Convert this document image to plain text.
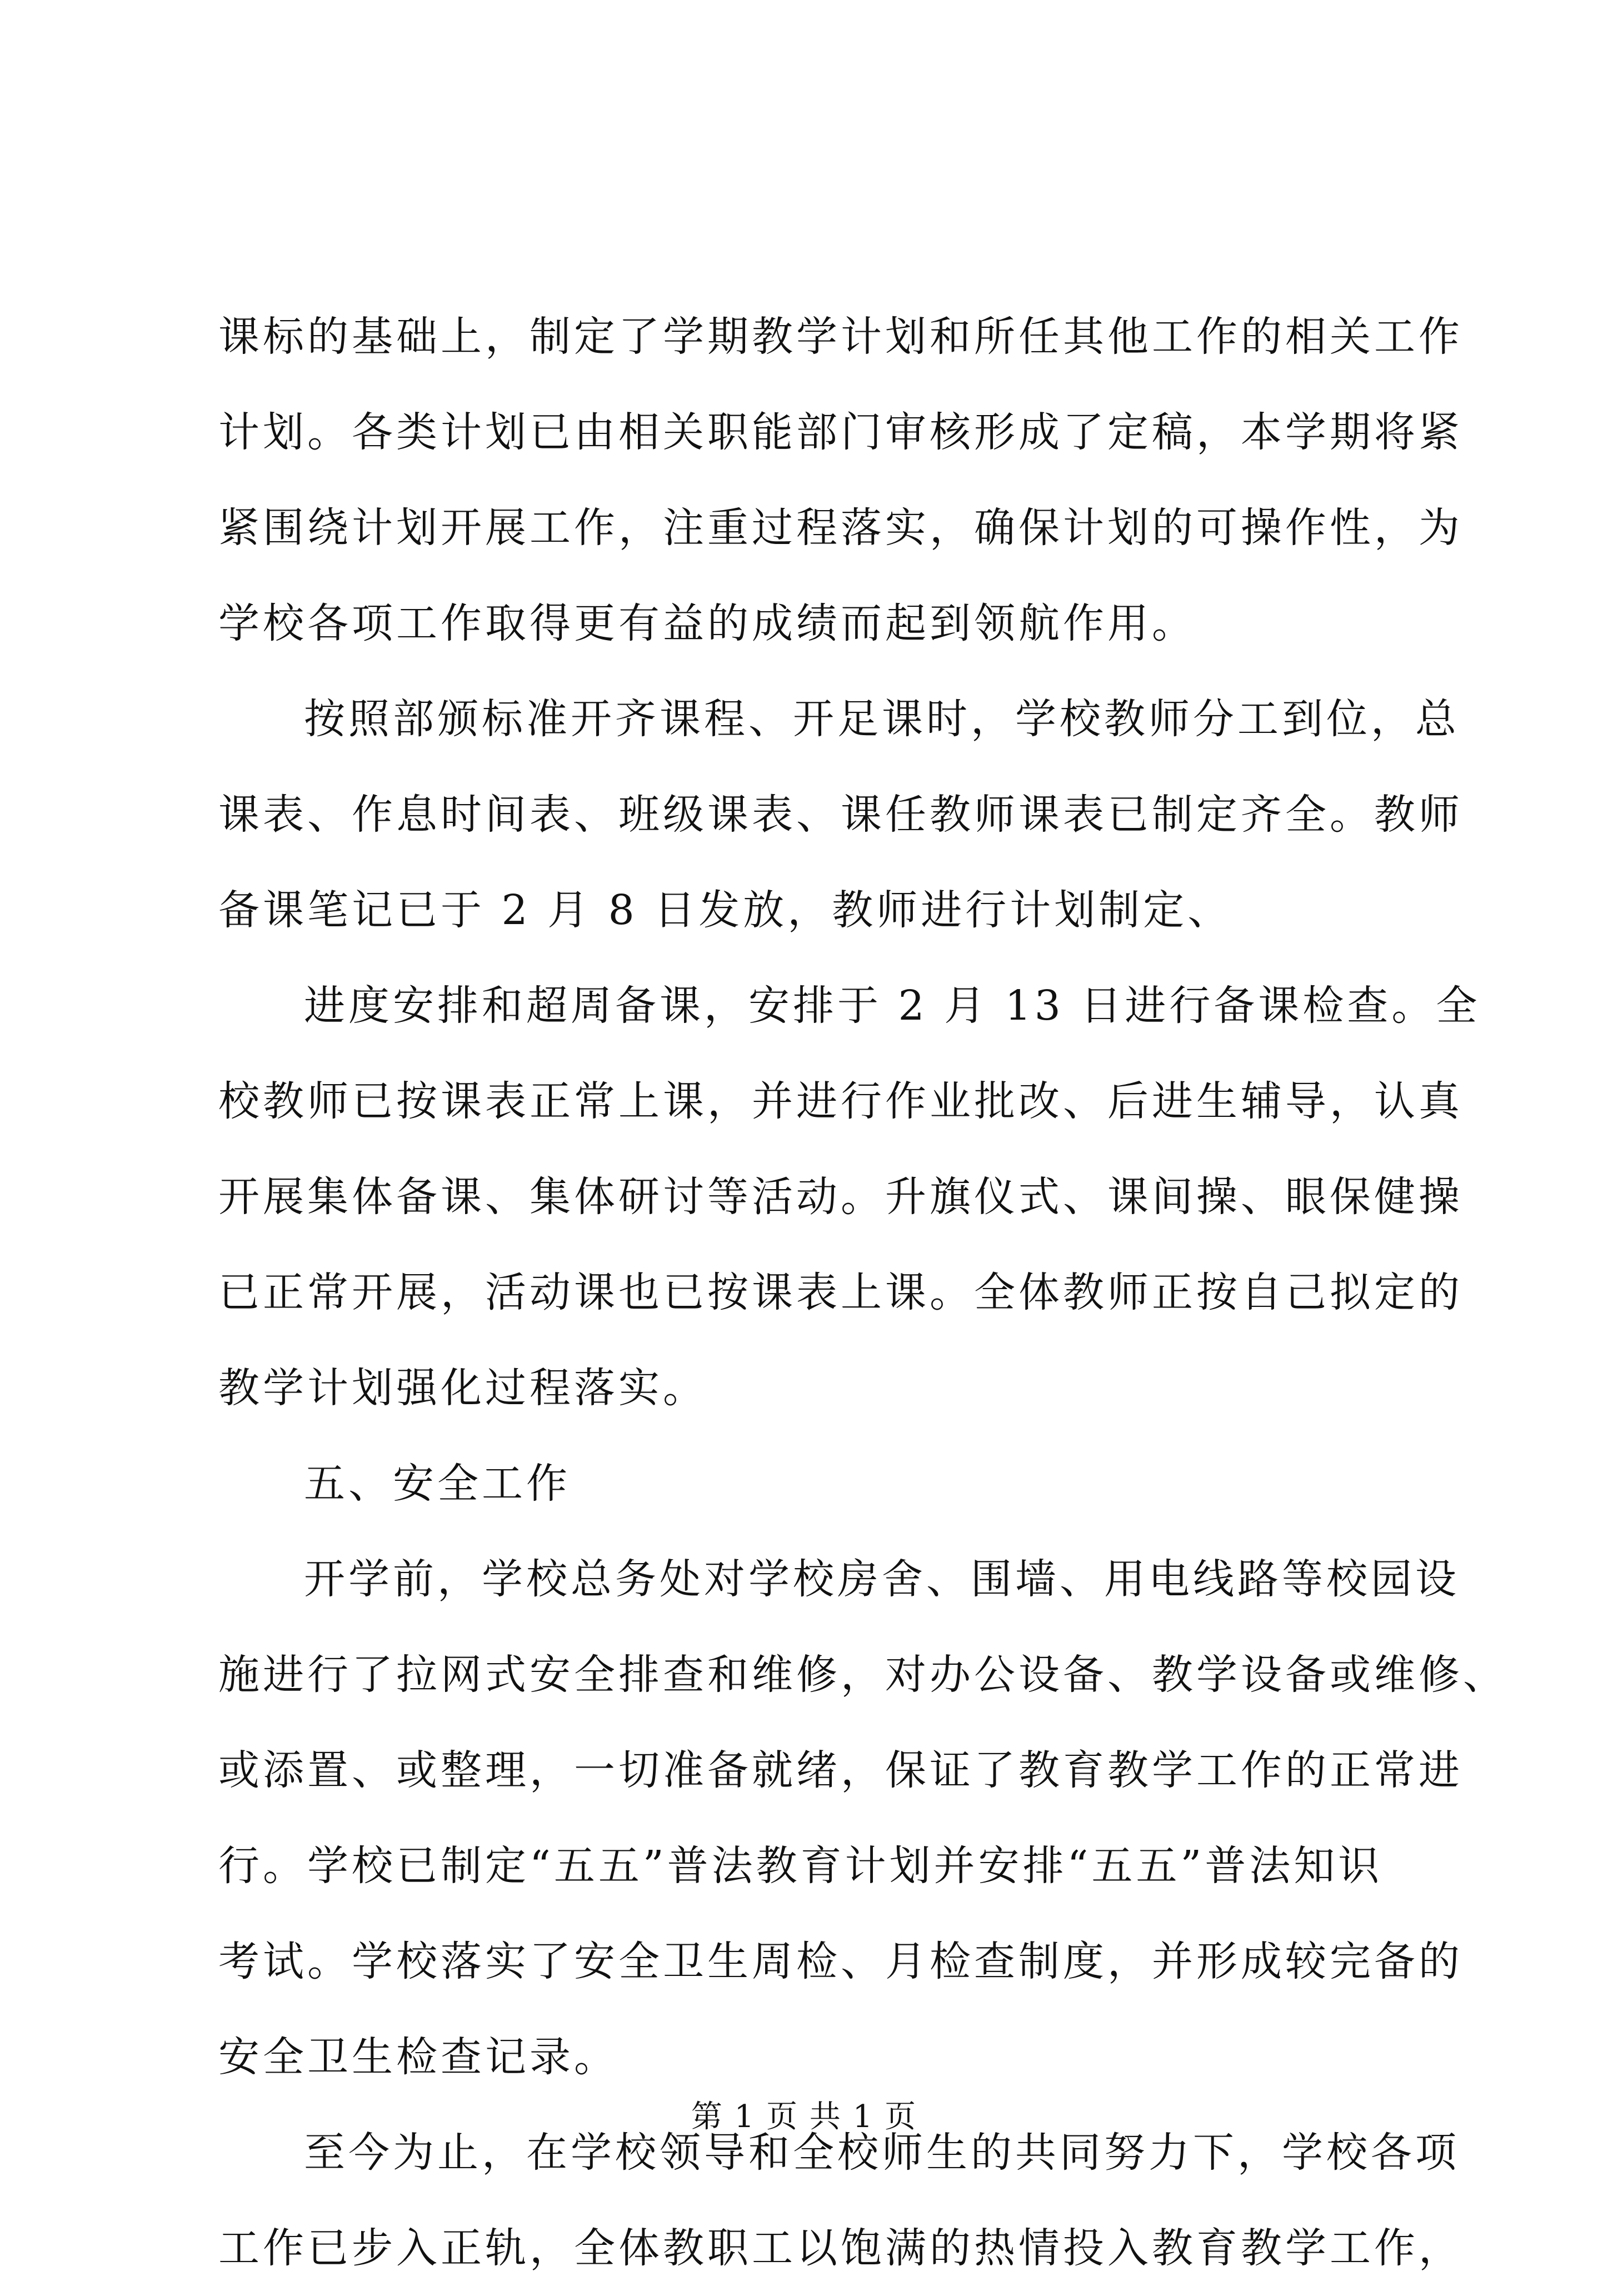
课标的基础上，制定了学期教学计划和所任其他工作的相关工作
计划。各类计划已由相关职能部门审核形成了定稿，本学期将紧
紧围绕计划开展工作，注重过程落实，确保计划的可操作性，为
学校各项工作取得更有益的成绩而起到领航作用。
按照部颁标准开齐课程、开足课时，学校教师分工到位，总
课表、作息时间表、班级课表、课任教师课表已制定齐全。教师
备课笔记已于 2 月 8 日发放，教师进行计划制定、
进度安排和超周备课，安排于 2 月 13 日进行备课检查。全
校教师已按课表正常上课，并进行作业批改、后进生辅导，认真
开展集体备课、集体研讨等活动。升旗仪式、课间操、眼保健操
已正常开展，活动课也已按课表上课。全体教师正按自己拟定的
教学计划强化过程落实。
五、安全工作
开学前，学校总务处对学校房舍、围墙、用电线路等校园设
施进行了拉网式安全排查和维修，对办公设备、教学设备或维修、
或添置、或整理，一切准备就绪，保证了教育教学工作的正常进
行。学校已制定“五五”普法教育计划并安排“五五”普法知识
考试。学校落实了安全卫生周检、月检查制度，并形成较完备的
安全卫生检查记录。
至今为止，在学校领导和全校师生的共同努力下，学校各项
工作已步入正轨，全体教职工以饱满的热情投入教育教学工作，
第 1 页 共 1 页
